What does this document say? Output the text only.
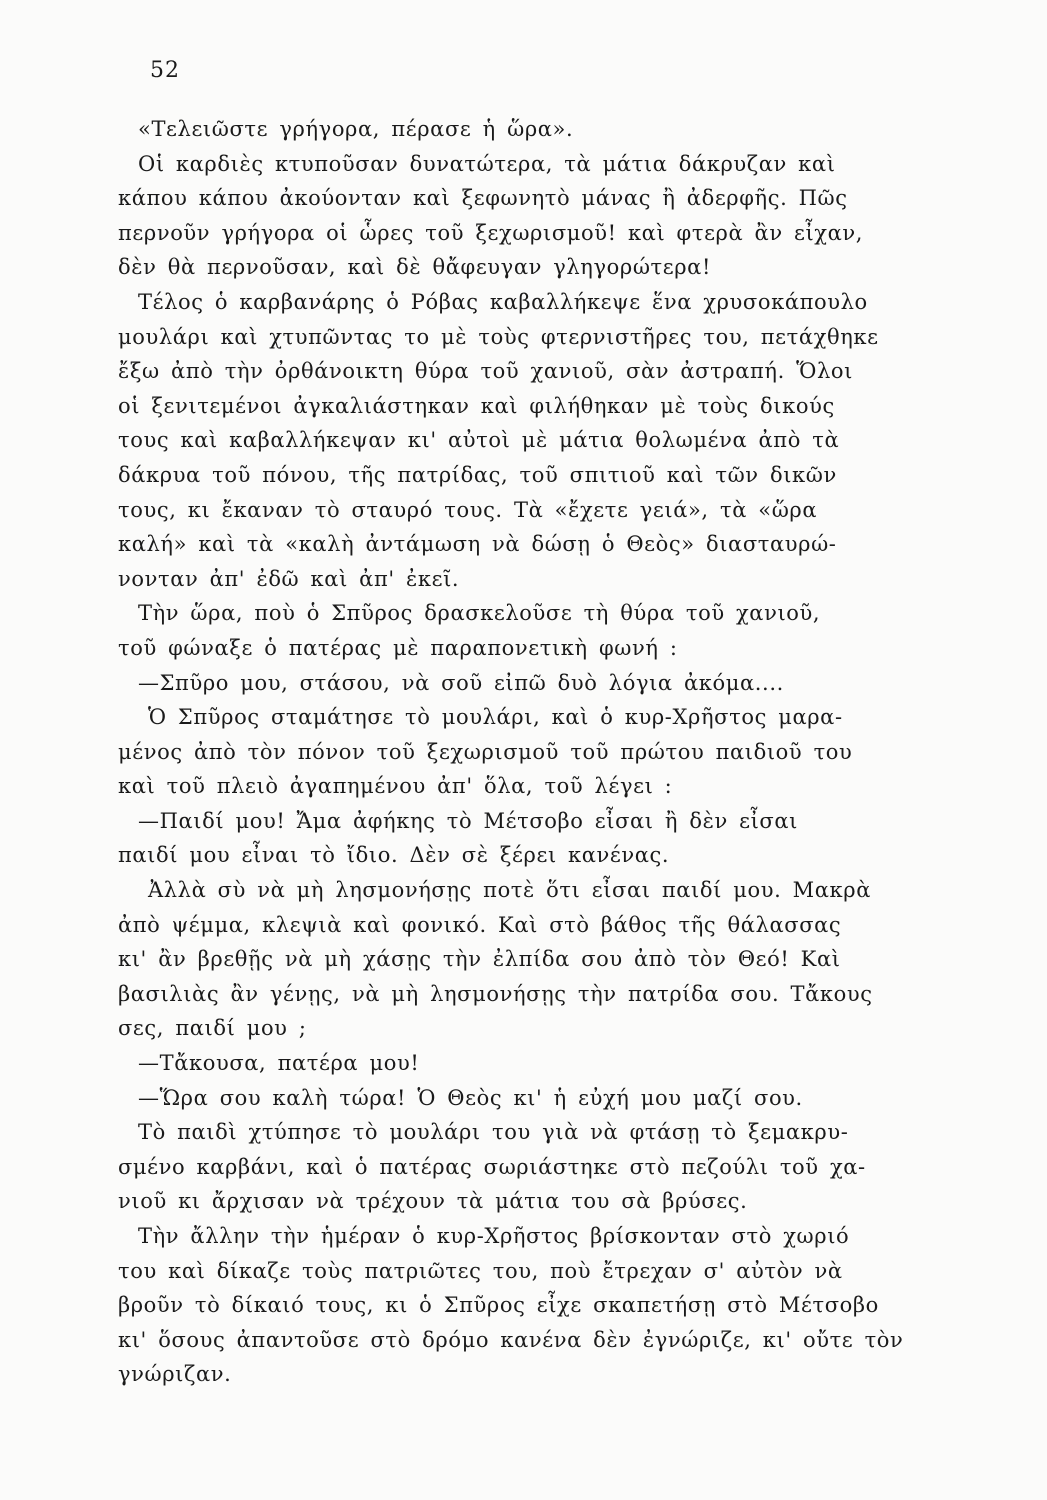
52
«Τελειῶστε γρήγορα, πέρασε ἡ ὥρα».
Οἱ καρδιὲς κτυποῦσαν δυνατώτερα, τὰ μάτια δάκρυζαν καὶ
κάπου κάπου ἀκούονταν καὶ ξεφωνητὸ μάνας ἢ ἀδερφῆς. Πῶς
περνοῦν γρήγορα οἱ ὧρες τοῦ ξεχωρισμοῦ! καὶ φτερὰ ἂν εἶχαν,
δὲν θὰ περνοῦσαν, καὶ δὲ θἄφευγαν γληγορώτερα!
Τέλος ὁ καρβανάρης ὁ Ρόβας καβαλλήκεψε ἕνα χρυσοκάπουλο
μουλάρι καὶ χτυπῶντας το μὲ τοὺς φτερνιστῆρες του, πετάχθηκε
ἔξω ἀπὸ τὴν ὀρθάνοικτη θύρα τοῦ χανιοῦ, σὰν ἀστραπή. Ὅλοι
οἱ ξενιτεμένοι ἀγκαλιάστηκαν καὶ φιλήθηκαν μὲ τοὺς δικούς
τους καὶ καβαλλήκεψαν κι' αὐτοὶ μὲ μάτια θολωμένα ἀπὸ τὰ
δάκρυα τοῦ πόνου, τῆς πατρίδας, τοῦ σπιτιοῦ καὶ τῶν δικῶν
τους, κι ἔκαναν τὸ σταυρό τους. Τὰ «ἔχετε γειά», τὰ «ὥρα
καλή» καὶ τὰ «καλὴ ἀντάμωση νὰ δώσῃ ὁ Θεὸς» διασταυρώ-
νονταν ἀπ' ἐδῶ καὶ ἀπ' ἐκεῖ.
Τὴν ὥρα, ποὺ ὁ Σπῦρος δρασκελοῦσε τὴ θύρα τοῦ χανιοῦ,
τοῦ φώναξε ὁ πατέρας μὲ παραπονετικὴ φωνή :
—Σπῦρο μου, στάσου, νὰ σοῦ εἰπῶ δυὸ λόγια ἀκόμα....
Ὁ Σπῦρος σταμάτησε τὸ μουλάρι, καὶ ὁ κυρ-Χρῆστος μαρα-
μένος ἀπὸ τὸν πόνον τοῦ ξεχωρισμοῦ τοῦ πρώτου παιδιοῦ του
καὶ τοῦ πλειὸ ἀγαπημένου ἀπ' ὅλα, τοῦ λέγει :
—Παιδί μου! Ἄμα ἀφήκης τὸ Μέτσοβο εἶσαι ἢ δὲν εἶσαι
παιδί μου εἶναι τὸ ἴδιο. Δὲν σὲ ξέρει κανένας.
Ἀλλὰ σὺ νὰ μὴ λησμονήσῃς ποτὲ ὅτι εἶσαι παιδί μου. Μακρὰ
ἀπὸ ψέμμα, κλεψιὰ καὶ φονικό. Καὶ στὸ βάθος τῆς θάλασσας
κι' ἂν βρεθῇς νὰ μὴ χάσῃς τὴν ἐλπίδα σου ἀπὸ τὸν Θεό! Καὶ
βασιλιὰς ἂν γένῃς, νὰ μὴ λησμονήσῃς τὴν πατρίδα σου. Τἄκους
σες, παιδί μου ;
—Τἄκουσα, πατέρα μου!
—Ὥρα σου καλὴ τώρα! Ὁ Θεὸς κι' ἡ εὐχή μου μαζί σου.
Τὸ παιδὶ χτύπησε τὸ μουλάρι του γιὰ νὰ φτάσῃ τὸ ξεμακρυ-
σμένο καρβάνι, καὶ ὁ πατέρας σωριάστηκε στὸ πεζούλι τοῦ χα-
νιοῦ κι ἄρχισαν νὰ τρέχουν τὰ μάτια του σὰ βρύσες.
Τὴν ἄλλην τὴν ἡμέραν ὁ κυρ-Χρῆστος βρίσκονταν στὸ χωριό
του καὶ δίκαζε τοὺς πατριῶτες του, ποὺ ἔτρεχαν σ' αὐτὸν νὰ
βροῦν τὸ δίκαιό τους, κι ὁ Σπῦρος εἶχε σκαπετήσῃ στὸ Μέτσοβο
κι' ὅσους ἀπαντοῦσε στὸ δρόμο κανένα δὲν ἐγνώριζε, κι' οὔτε τὸν
γνώριζαν.
